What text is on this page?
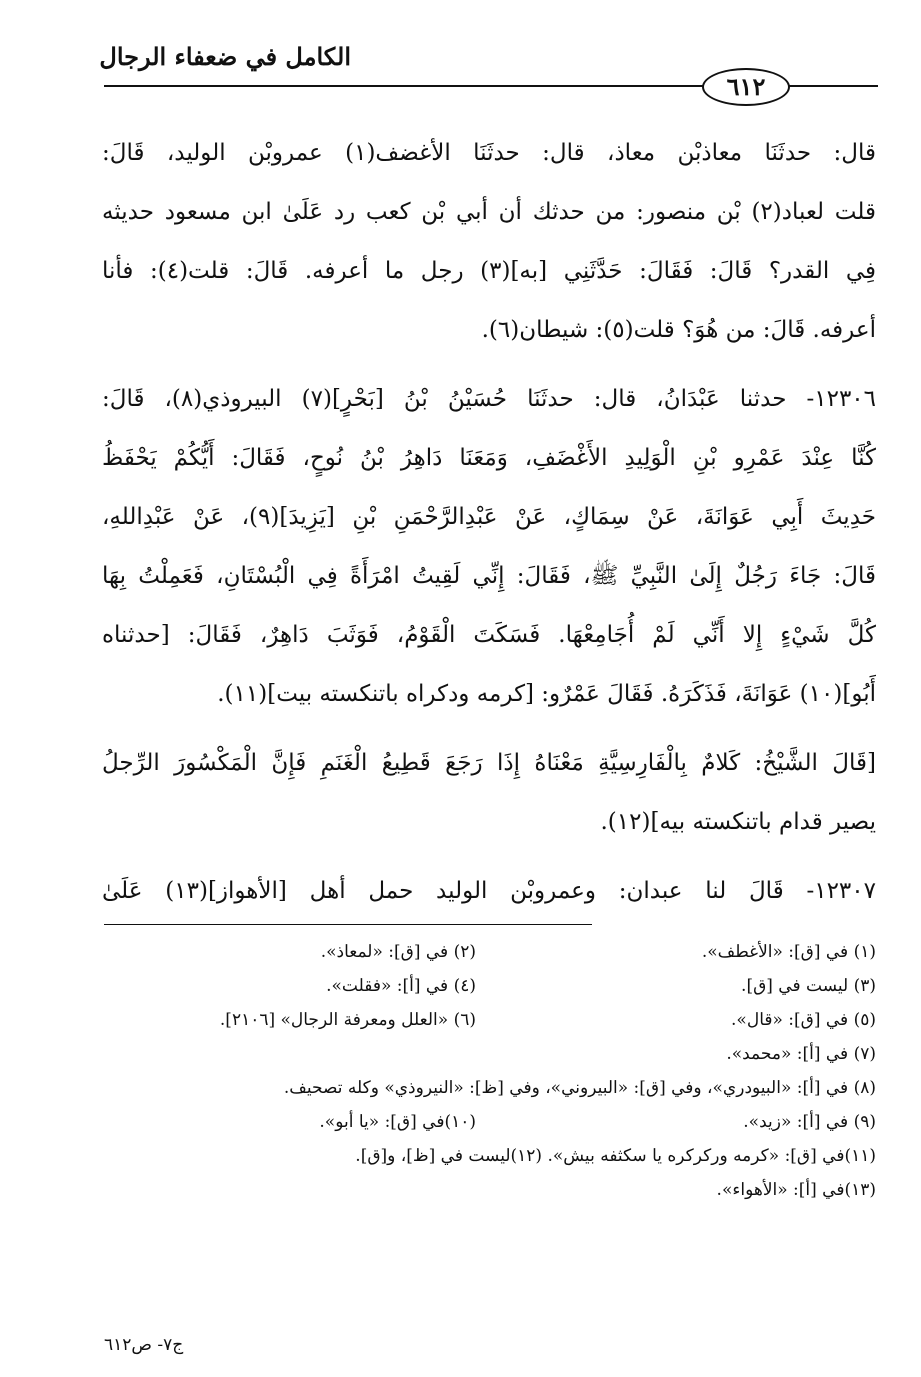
الكامل في ضعفاء الرجال
٦١٢
قال: حدثَنَا معاذبْن معاذ، قال: حدثَنَا الأغضف(١) عمروبْن الوليد، قَالَ:
قلت لعباد(٢) بْن منصور: من حدثك أن أبي بْن كعب رد عَلَىٰ ابن مسعود حديثه
فِي القدر؟ قَالَ: فَقَالَ: حَدَّثَنِي [به](٣) رجل ما أعرفه. قَالَ: قلت(٤): فأنا
أعرفه. قَالَ: من هُوَ؟ قلت(٥): شيطان(٦).
١٢٣٠٦- حدثنا عَبْدَانُ، قال: حدثَنَا حُسَيْنُ بْنُ [بَحْرٍ](٧) البيروذي(٨)، قَالَ:
كُنَّا عِنْدَ عَمْرِو بْنِ الْوَلِيدِ الأَغْضَفِ، وَمَعَنَا دَاهِرُ بْنُ نُوحٍ، فَقَالَ: أَيُّكُمْ يَحْفَظُ
حَدِيثَ أَبِي عَوَانَةَ، عَنْ سِمَاكٍ، عَنْ عَبْدِالرَّحْمَنِ بْنِ [يَزِيدَ](٩)، عَنْ عَبْدِاللهِ،
قَالَ: جَاءَ رَجُلٌ إِلَىٰ النَّبِيِّ ﷺ، فَقَالَ: إِنِّي لَقِيتُ امْرَأَةً فِي الْبُسْتَانِ، فَعَمِلْتُ بِهَا
كُلَّ شَيْءٍ إِلا أَنِّي لَمْ أُجَامِعْهَا. فَسَكَتَ الْقَوْمُ، فَوَثَبَ دَاهِرٌ، فَقَالَ: [حدثناه
أَبُو](١٠) عَوَانَةَ، فَذَكَرَهُ. فَقَالَ عَمْرٌو: [كرمه ودكراه باتنكسته بيت](١١).
[قَالَ الشَّيْخُ: كَلامٌ بِالْفَارِسِيَّةِ مَعْنَاهُ إِذَا رَجَعَ قَطِيعُ الْغَنَمِ فَإِنَّ الْمَكْسُورَ الرِّجلُ
يصير قدام باتنكسته بيه](١٢).
١٢٣٠٧- قَالَ لنا عبدان: وعمروبْن الوليد حمل أهل [الأهواز](١٣) عَلَىٰ
(١) في [ق]: «الأغطف».
(٢) في [ق]: «لمعاذ».
(٣) ليست في [ق].
(٤) في [أ]: «فقلت».
(٥) في [ق]: «قال».
(٦) «العلل ومعرفة الرجال» [٢١٠٦].
(٧) في [أ]: «محمد».
(٨) في [أ]: «البيودري»، وفي [ق]: «البيروني»، وفي [ظ]: «النيروذي» وكله تصحيف.
(٩) في [أ]: «زيد».
(١٠)في [ق]: «يا أبو».
(١١)في [ق]: «كرمه وركركره يا سكثفه بيش». (١٢)ليست في [ظ]، و[ق].
(١٣)في [أ]: «الأهواء».
ج٧- ص٦١٢
